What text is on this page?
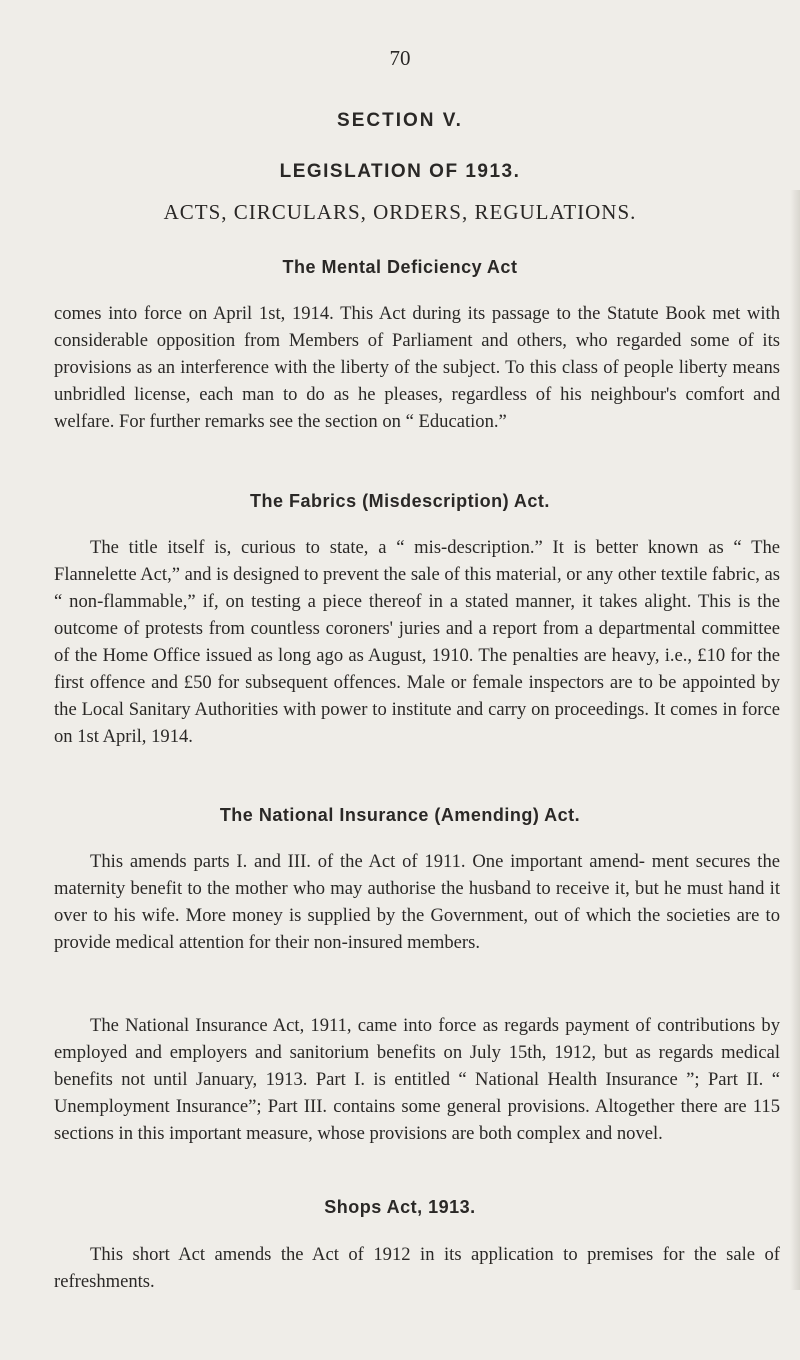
70
SECTION V.
LEGISLATION OF 1913.
ACTS, CIRCULARS, ORDERS, REGULATIONS.
The Mental Deficiency Act

comes into force on April 1st, 1914. This Act during its passage to the Statute Book met with considerable opposition from Members of Parliament and others, who regarded some of its provisions as an interference with the liberty of the subject. To this class of people liberty means unbridled license, each man to do as he pleases, regardless of his neighbour's comfort and welfare. For further remarks see the section on “ Education.”

The Fabrics (Misdescription) Act.

The title itself is, curious to state, a “ mis-description.” It is better known as “ The Flannelette Act,” and is designed to prevent the sale of this material, or any other textile fabric, as “ non-flammable,” if, on testing a piece thereof in a stated manner, it takes alight. This is the outcome of protests from countless coroners' juries and a report from a departmental committee of the Home Office issued as long ago as August, 1910. The penalties are heavy, i.e., £10 for the first offence and £50 for subsequent offences. Male or female inspectors are to be appointed by the Local Sanitary Authorities with power to institute and carry on proceedings. It comes in force on 1st April, 1914.

The National Insurance (Amending) Act.

This amends parts I. and III. of the Act of 1911. One important amend- ment secures the maternity benefit to the mother who may authorise the husband to receive it, but he must hand it over to his wife. More money is supplied by the Government, out of which the societies are to provide medical attention for their non-insured members.

The National Insurance Act, 1911, came into force as regards payment of contributions by employed and employers and sanitorium benefits on July 15th, 1912, but as regards medical benefits not until January, 1913. Part I. is entitled “ National Health Insurance ”; Part II. “ Unemployment Insurance”; Part III. contains some general provisions. Altogether there are 115 sections in this important measure, whose provisions are both complex and novel.

Shops Act, 1913.

This short Act amends the Act of 1912 in its application to premises for the sale of refreshments.
